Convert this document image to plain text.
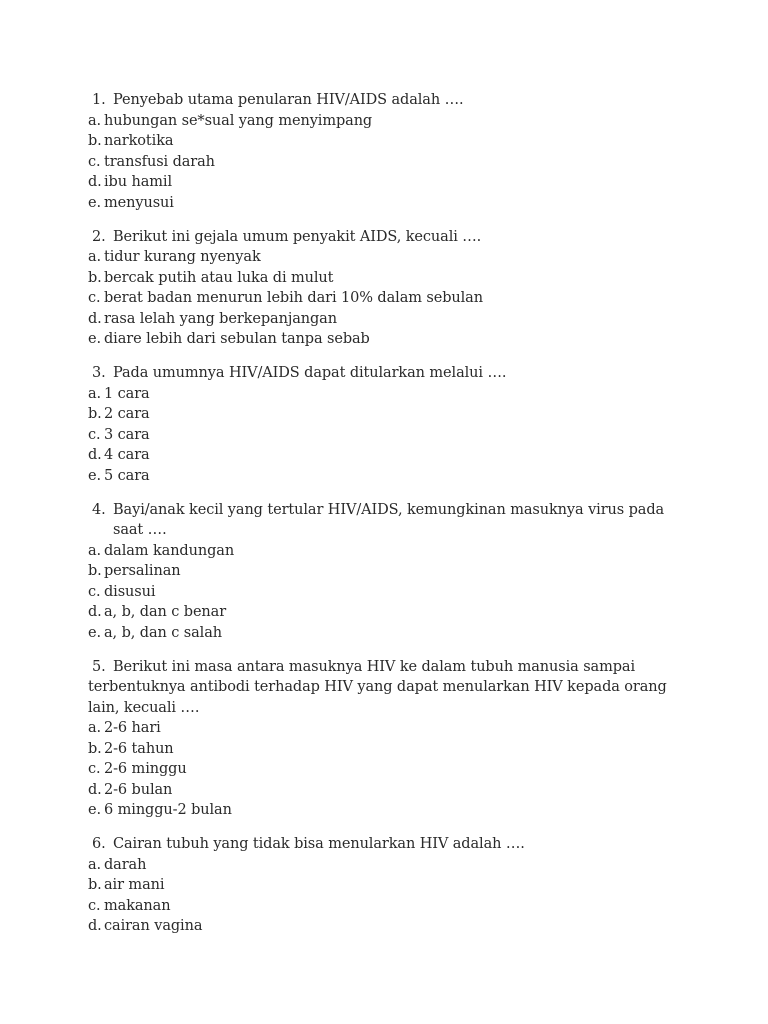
1. Penyebab utama penularan HIV/AIDS adalah ….
a. hubungan se*sual yang menyimpang
b. narkotika
c. transfusi darah
d. ibu hamil
e. menyusui
2. Berikut ini gejala umum penyakit AIDS, kecuali ….
a. tidur kurang nyenyak
b. bercak putih atau luka di mulut
c. berat badan menurun lebih dari 10% dalam sebulan
d. rasa lelah yang berkepanjangan
e. diare lebih dari sebulan tanpa sebab
3. Pada umumnya HIV/AIDS dapat ditularkan melalui ….
a. 1 cara
b. 2 cara
c. 3 cara
d. 4 cara
e. 5 cara
4. Bayi/anak kecil yang tertular HIV/AIDS, kemungkinan masuknya virus pada saat ….
a. dalam kandungan
b. persalinan
c. disusui
d. a, b, dan c benar
e. a, b, dan c salah
5. Berikut ini masa antara masuknya HIV ke dalam tubuh manusia sampai terbentuknya antibodi terhadap HIV yang dapat menularkan HIV kepada orang lain, kecuali ….
a. 2-6 hari
b. 2-6 tahun
c. 2-6 minggu
d. 2-6 bulan
e. 6 minggu-2 bulan
6. Cairan tubuh yang tidak bisa menularkan HIV adalah ….
a. darah
b. air mani
c. makanan
d. cairan vagina
